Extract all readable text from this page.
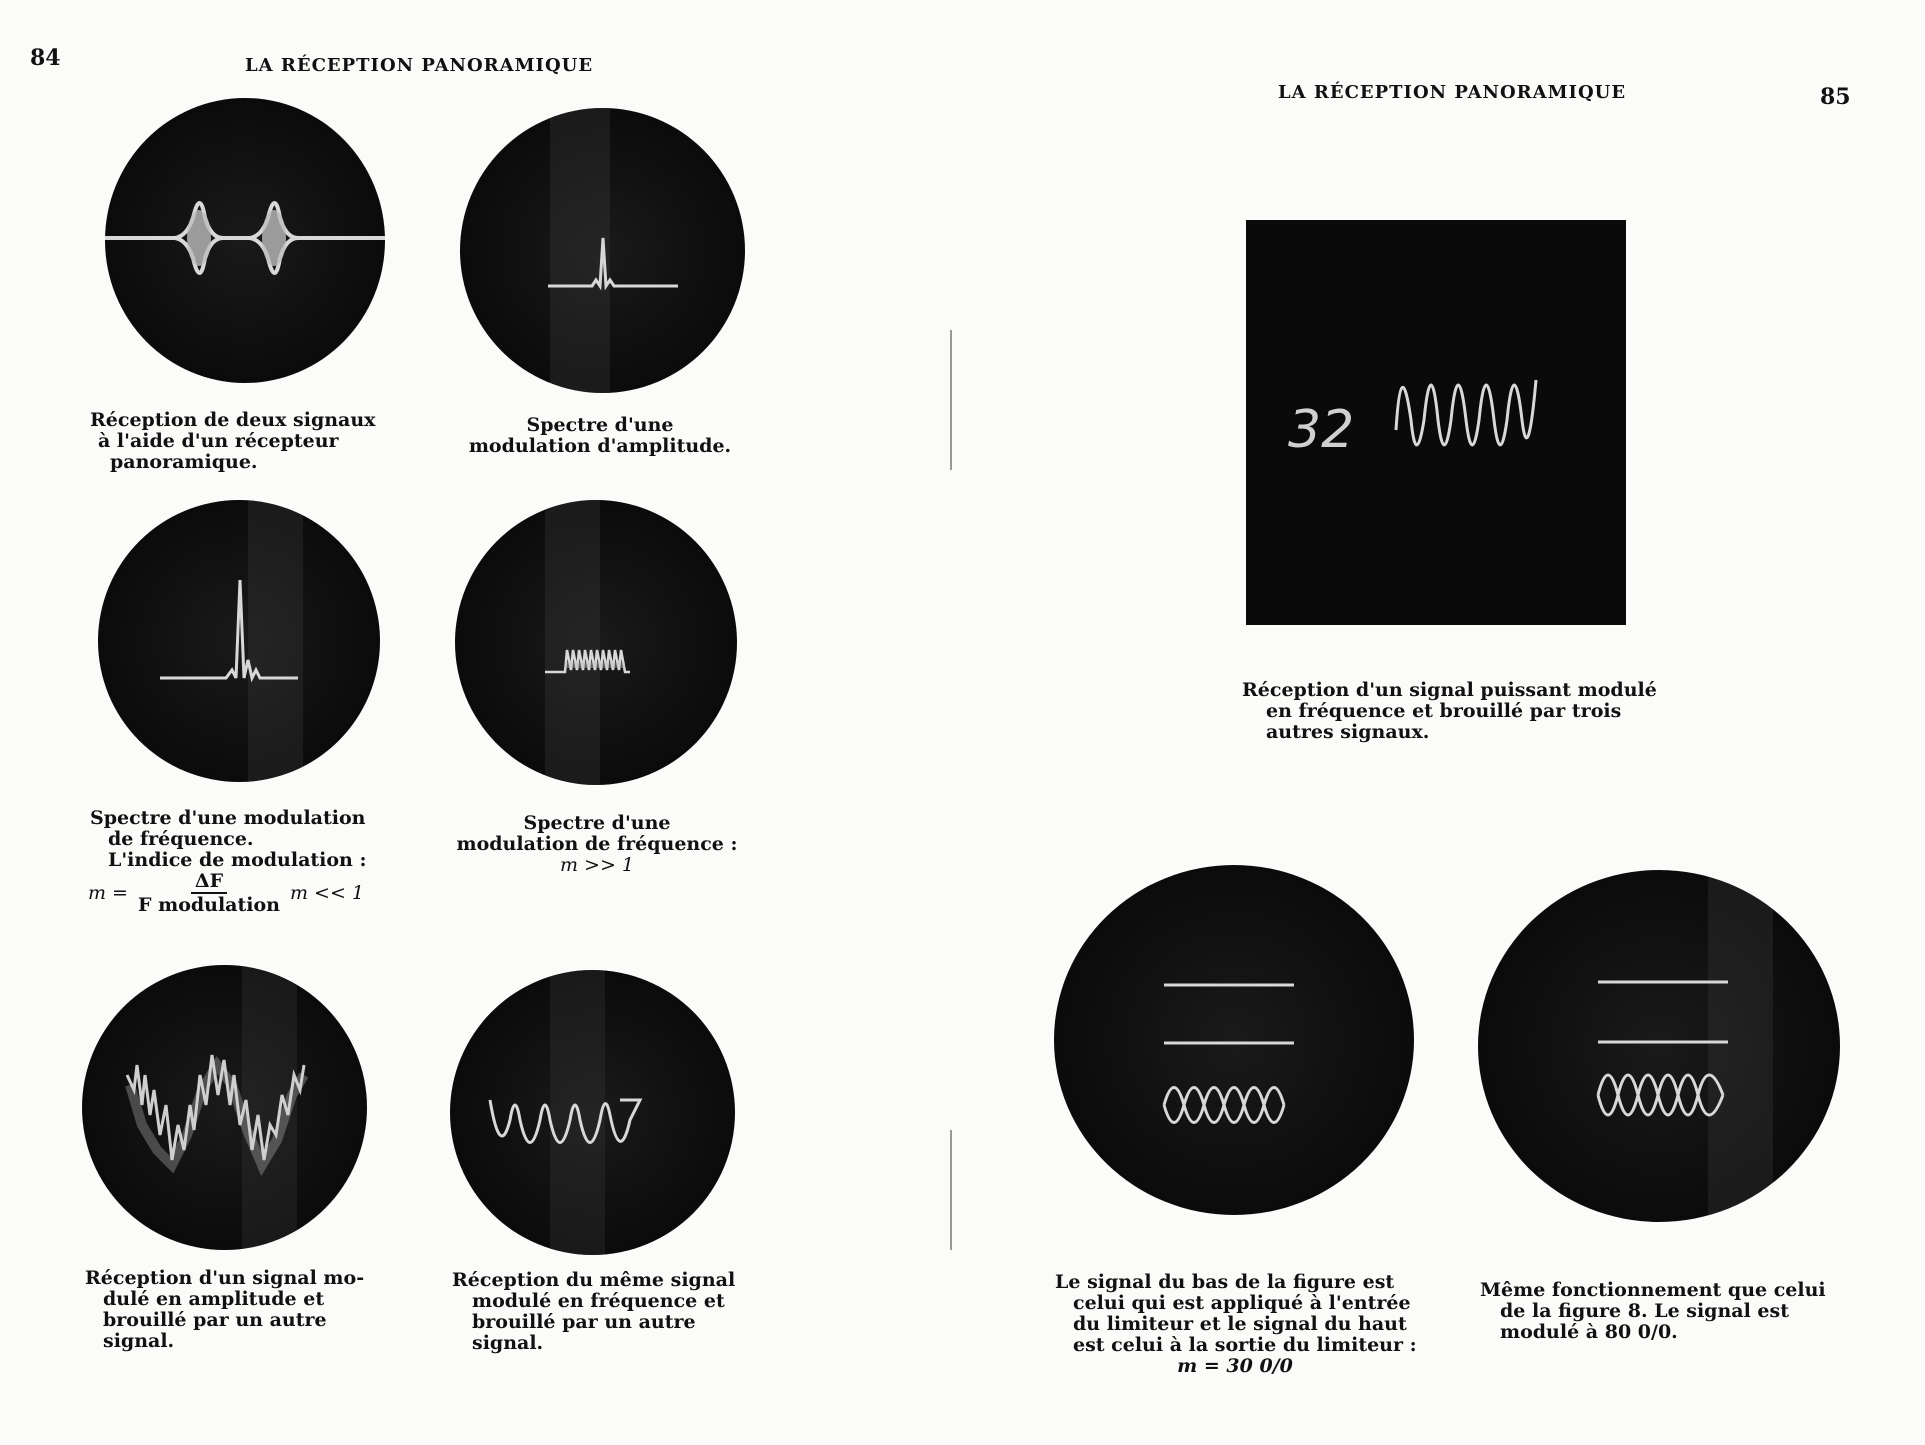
84	LA RÉCEPTION PANORAMIQUE
Réception de deux signaux
à l'aide d'un récepteur
panoramique.
Spectre d'une
modulation d'amplitude.
Spectre d'une modulation
de fréquence.
L'indice de modulation :
$m = \frac{\Delta F}{\text{F modulation}}$ m << 1
Spectre d'une
modulation de fréquence :
m >> 1
Réception d'un signal mo-
dulé en amplitude et
brouillé par un autre
signal.
Réception du même signal
modulé en fréquence et
brouillé par un autre
signal.
LA RÉCEPTION PANORAMIQUE	85
32
Réception d'un signal puissant modulé
en fréquence et brouillé par trois
autres signaux.
Le signal du bas de la figure est
celui qui est appliqué à l'entrée
du limiteur et le signal du haut
est celui à la sortie du limiteur :
m = 30 0/0
Même fonctionnement que celui
de la figure 8. Le signal est
modulé à 80 0/0.
